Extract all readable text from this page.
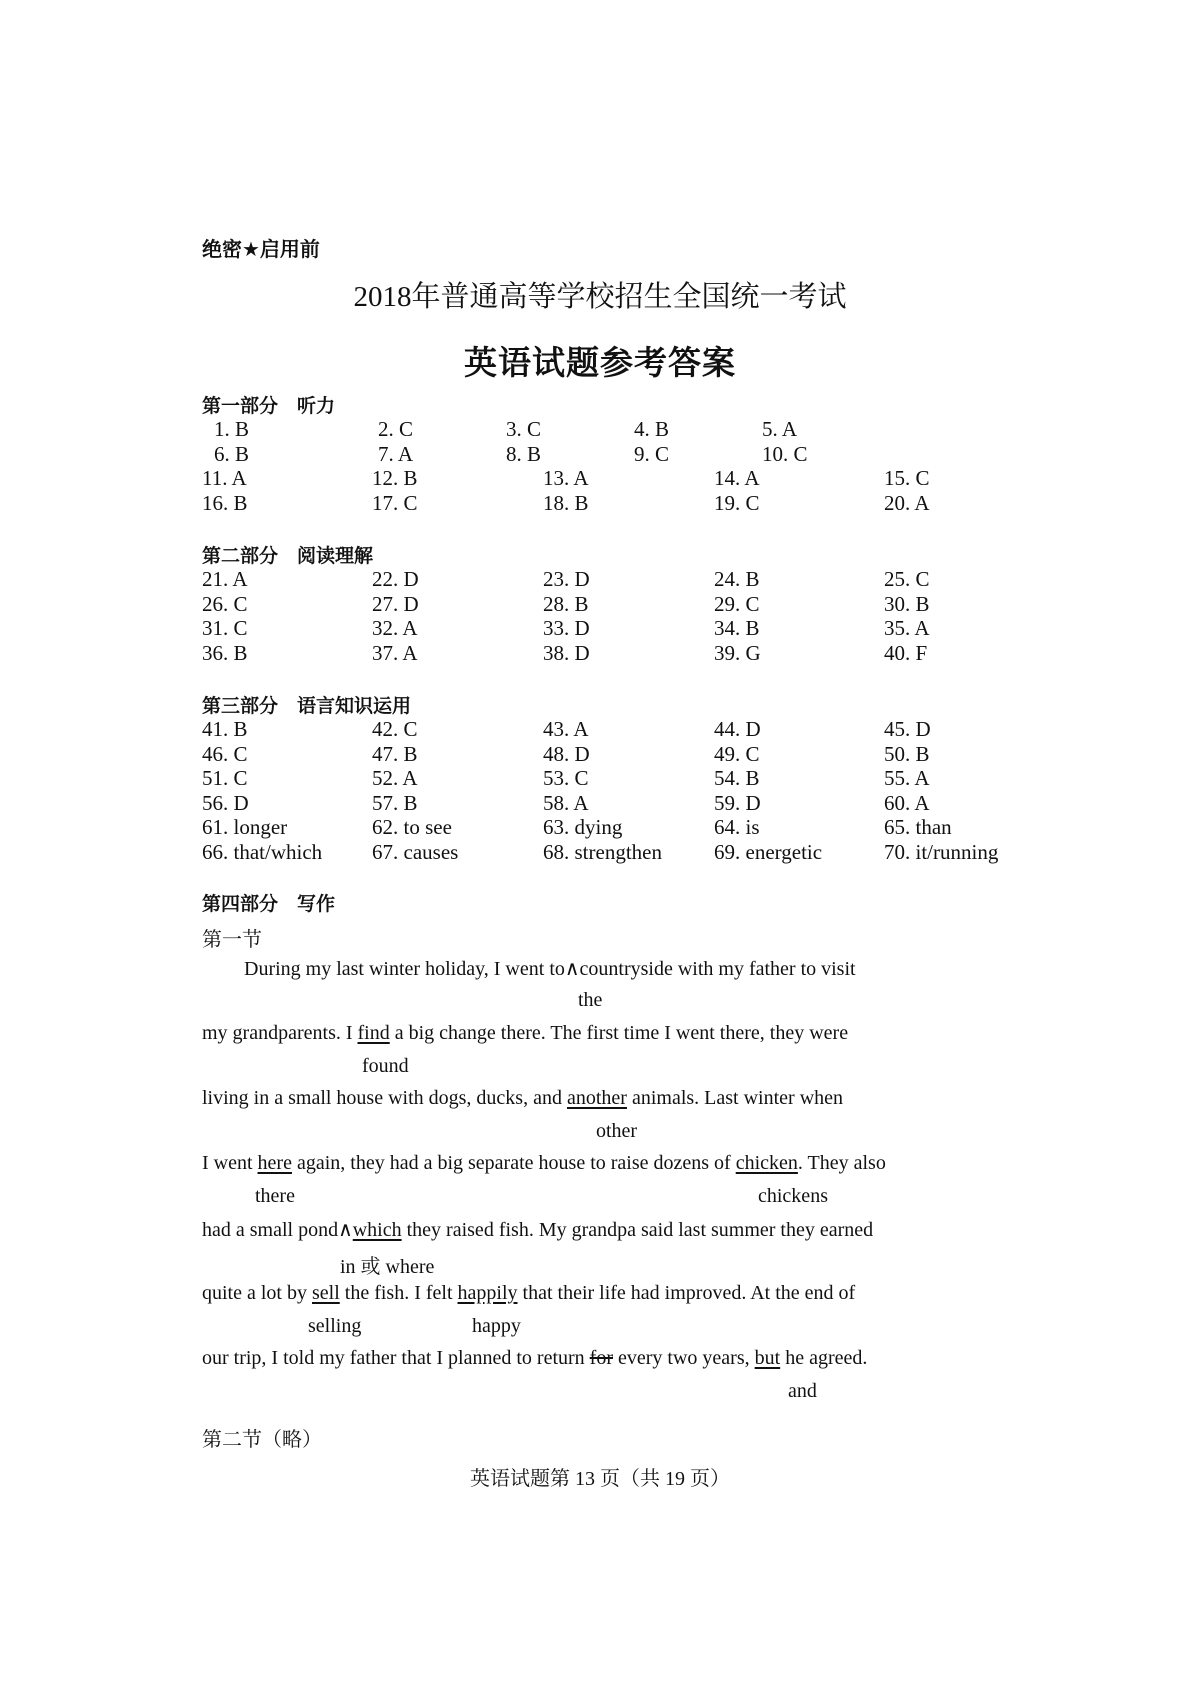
绝密★启用前
2018年普通高等学校招生全国统一考试
英语试题参考答案
第一部分　听力
1. B	2. C	3. C	4. B	5. A
6. B	7. A	8. B	9. C	10. C
11. A	12. B	13. A	14. A	15. C
16. B	17. C	18. B	19. C	20. A
第二部分　阅读理解
21. A	22. D	23. D	24. B	25. C
26. C	27. D	28. B	29. C	30. B
31. C	32. A	33. D	34. B	35. A
36. B	37. A	38. D	39. G	40. F
第三部分　语言知识运用
41. B	42. C	43. A	44. D	45. D
46. C	47. B	48. D	49. C	50. B
51. C	52. A	53. C	54. B	55. A
56. D	57. B	58. A	59. D	60. A
61. longer	62. to see	63. dying	64. is	65. than
66. that/which 67. causes	68. strengthen 69. energetic	70. it/running
第四部分　写作
第一节
During my last winter holiday, I went to∧countryside with my father to visit
the
my grandparents. I find a big change there. The first time I went there, they were
found
living in a small house with dogs, ducks, and another animals. Last winter when
other
I went here again, they had a big separate house to raise dozens of chicken. They also
there	chickens
had a small pond∧which they raised fish. My grandpa said last summer they earned
in 或 where
quite a lot by sell the fish. I felt happily that their life had improved. At the end of
selling	happy
our trip, I told my father that I planned to return for every two years, but he agreed.
and
第二节（略）
英语试题第 13 页（共 19 页）
